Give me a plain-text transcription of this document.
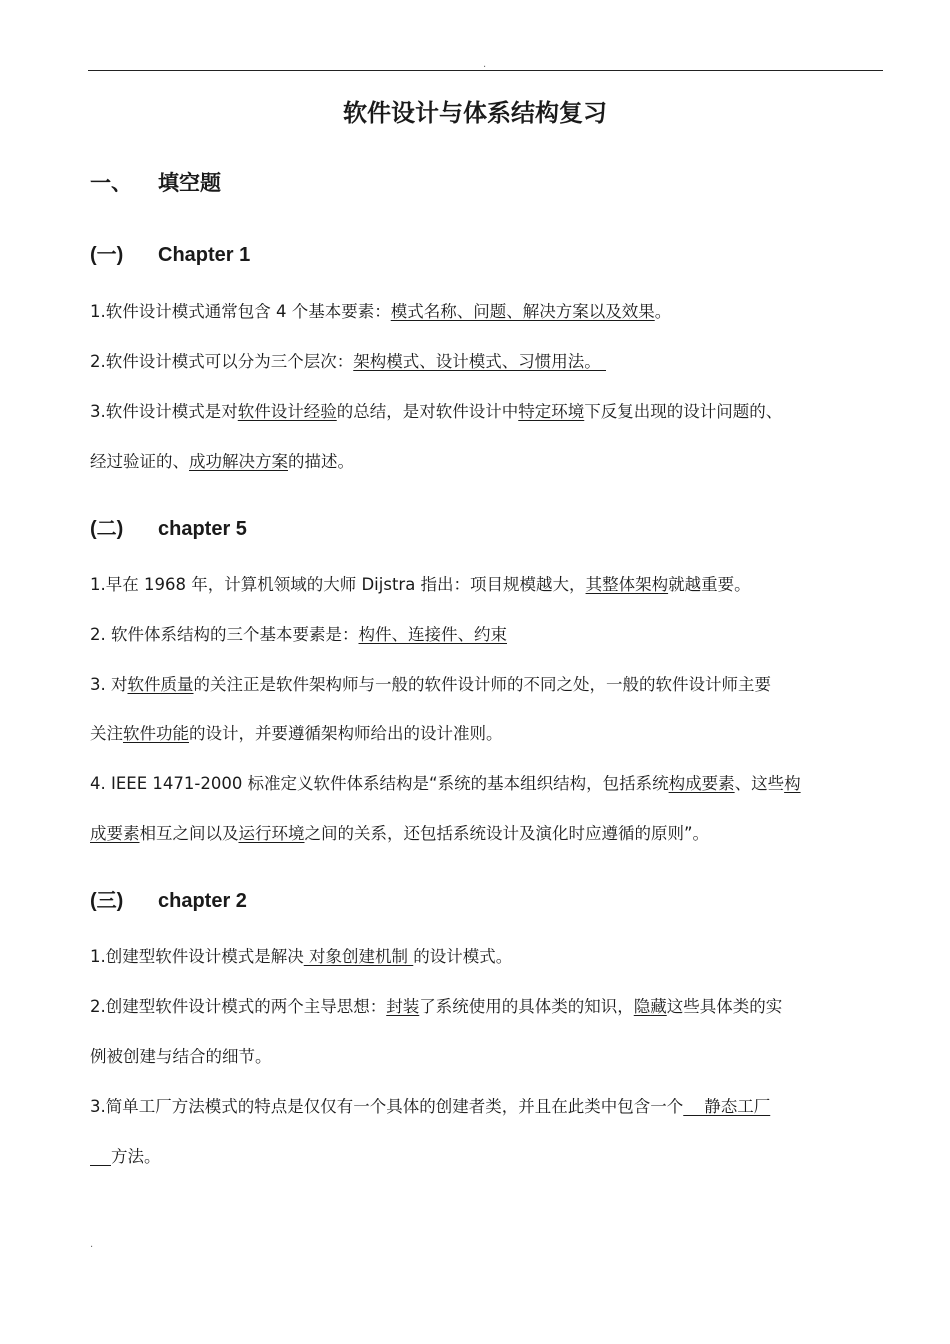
.
软件设计与体系结构复习
一、 填空题
(一) Chapter 1
1.软件设计模式通常包含 4 个基本要素：模式名称、问题、解决方案以及效果。
2.软件设计模式可以分为三个层次：架构模式、设计模式、习惯用法。
3.软件设计模式是对软件设计经验的总结，是对软件设计中特定环境下反复出现的设计问题的、
经过验证的、成功解决方案的描述。
(二) chapter 5
1.早在 1968 年，计算机领域的大师 Dijstra 指出：项目规模越大，其整体架构就越重要。
2. 软件体系结构的三个基本要素是：构件、连接件、约束
3. 对软件质量的关注正是软件架构师与一般的软件设计师的不同之处，一般的软件设计师主要
关注软件功能的设计，并要遵循架构师给出的设计准则。
4. IEEE 1471-2000 标准定义软件体系结构是“系统的基本组织结构，包括系统构成要素、这些构
成要素相互之间以及运行环境之间的关系，还包括系统设计及演化时应遵循的原则”。
(三) chapter 2
1.创建型软件设计模式是解决 对象创建机制 的设计模式。
2.创建型软件设计模式的两个主导思想：封装了系统使用的具体类的知识，隐藏这些具体类的实
例被创建与结合的细节。
3.简单工厂方法模式的特点是仅仅有一个具体的创建者类，并且在此类中包含一个    静态工厂
方法。
.
